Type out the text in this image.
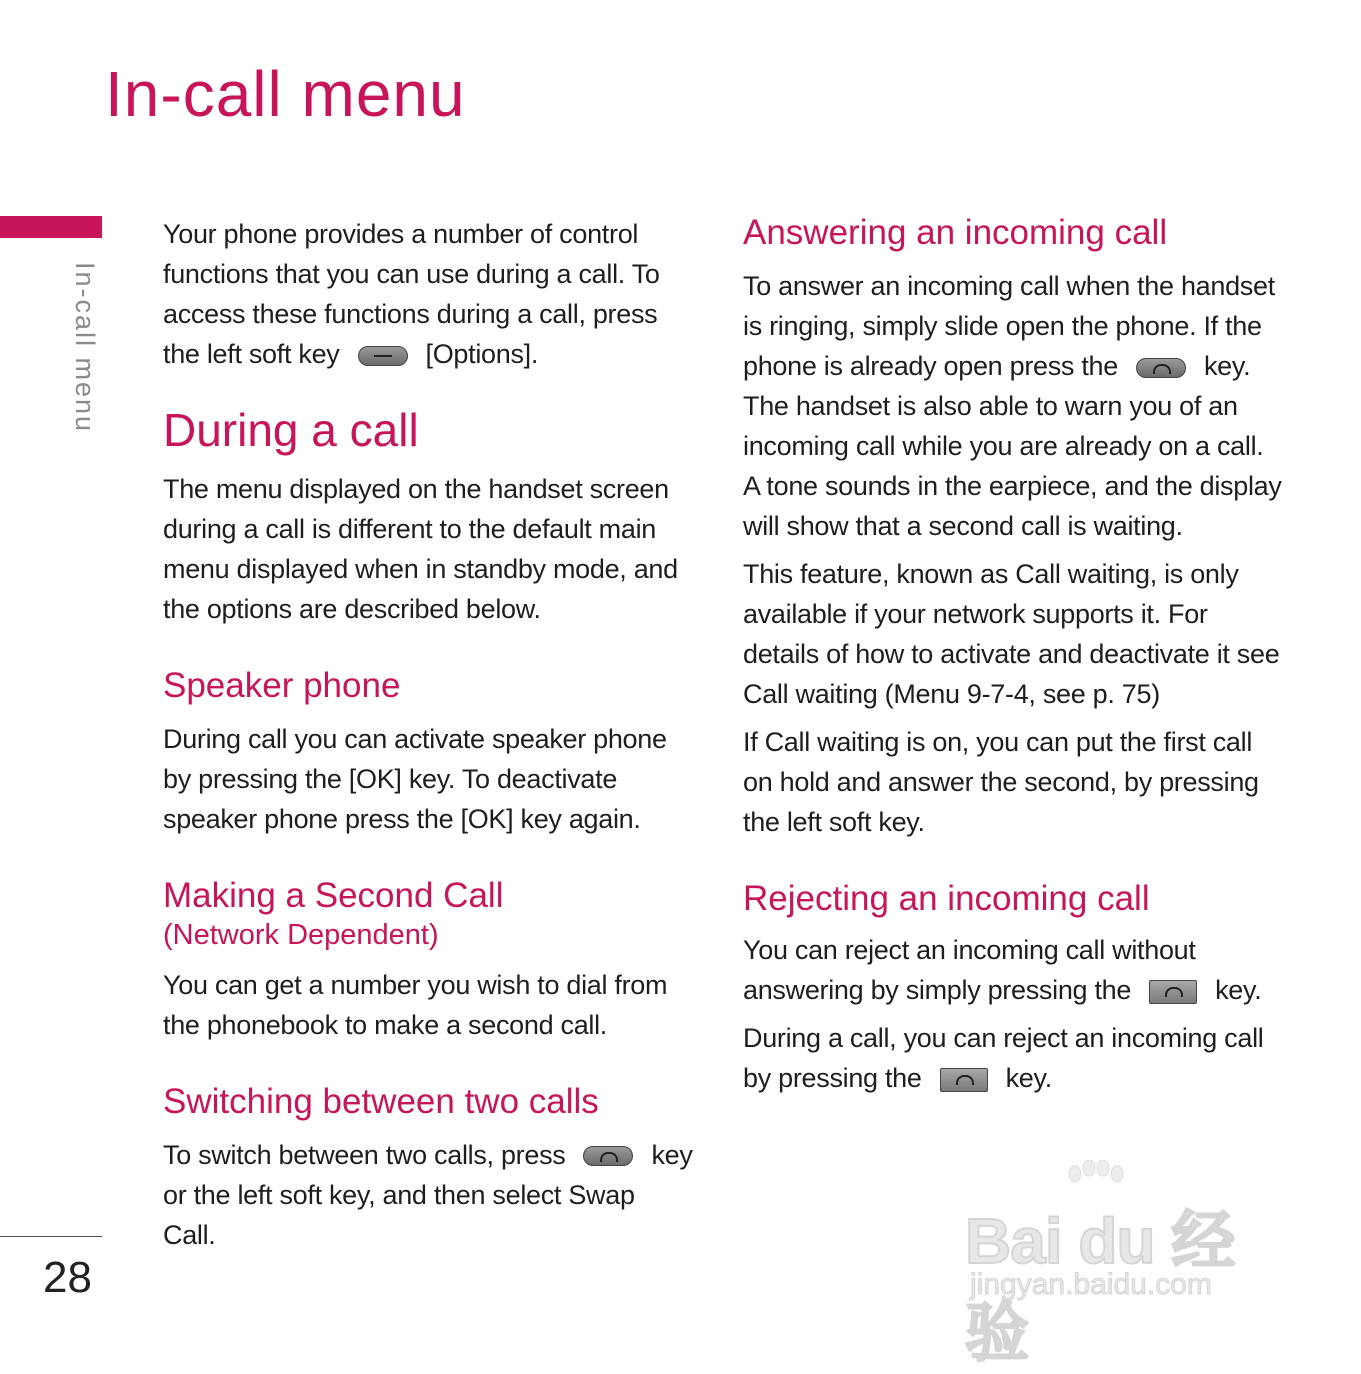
In-call menu
In-call menu
28

Your phone provides a number of control functions that you can use during a call. To access these functions during a call, press the left soft key	[Options].

During a call

The menu displayed on the handset screen during a call is different to the default main menu displayed when in standby mode, and the options are described below.

Speaker phone

During call you can activate speaker phone by pressing the [OK] key. To deactivate speaker phone press the [OK] key again.

Making a Second Call
(Network Dependent)

You can get a number you wish to dial from the phonebook to make a second call.

Switching between two calls

To switch between two calls, press	key or the left soft key, and then select Swap Call.

Answering an incoming call

To answer an incoming call when the handset is ringing, simply slide open the phone. If the phone is already open press the	key. The handset is also able to warn you of an incoming call while you are already on a call. A tone sounds in the earpiece, and the display will show that a second call is waiting.

This feature, known as Call waiting, is only available if your network supports it. For details of how to activate and deactivate it see Call waiting (Menu 9-7-4, see p. 75)

If Call waiting is on, you can put the first call on hold and answer the second, by pressing the left soft key.

Rejecting an incoming call

You can reject an incoming call without answering by simply pressing the	key.

During a call, you can reject an incoming call by pressing the	key.

Bai du 经验
jingyan.baidu.com
